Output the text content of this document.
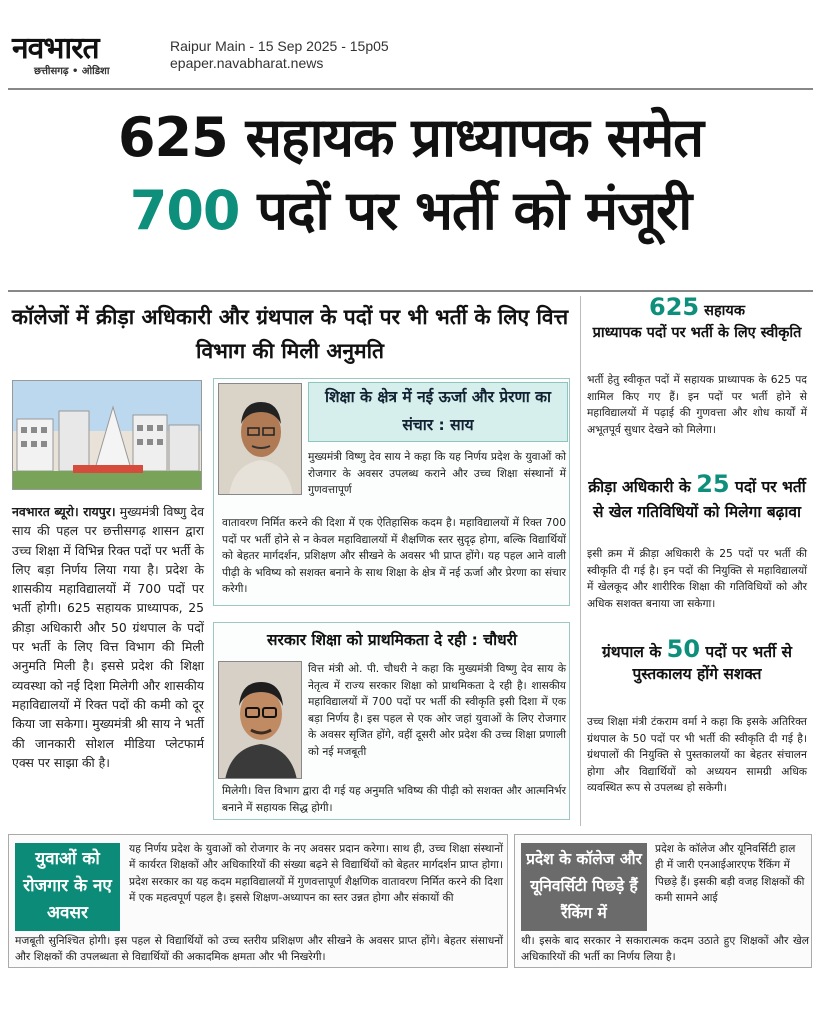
नवभारत
छत्तीसगढ़ • ओडिशा
Raipur Main - 15 Sep 2025 - 15p05
epaper.navabharat.news
625 सहायक प्राध्यापक समेत
700 पदों पर भर्ती को मंजूरी
कॉलेजों में क्रीड़ा अधिकारी और ग्रंथपाल के पदों पर भी भर्ती के लिए वित्त विभाग की मिली अनुमति
नवभारत ब्यूरो। रायपुर। मुख्यमंत्री विष्णु देव साय की पहल पर छत्तीसगढ़ शासन द्वारा उच्च शिक्षा में विभिन्न रिक्त पदों पर भर्ती के लिए बड़ा निर्णय लिया गया है। प्रदेश के शासकीय महाविद्यालयों में 700 पदों पर भर्ती होगी। 625 सहायक प्राध्यापक, 25 क्रीड़ा अधिकारी और 50 ग्रंथपाल के पदों पर भर्ती के लिए वित्त विभाग की मिली अनुमति मिली है। इससे प्रदेश की शिक्षा व्यवस्था को नई दिशा मिलेगी और शासकीय महाविद्यालयों में रिक्त पदों की कमी को दूर किया जा सकेगा। मुख्यमंत्री श्री साय ने भर्ती की जानकारी सोशल मीडिया प्लेटफार्म एक्स पर साझा की है।
शिक्षा के क्षेत्र में नई ऊर्जा और प्रेरणा का संचार : साय
मुख्यमंत्री विष्णु देव साय ने कहा कि यह निर्णय प्रदेश के युवाओं को रोजगार के अवसर उपलब्ध कराने और उच्च शिक्षा संस्थानों में गुणवत्तापूर्ण
वातावरण निर्मित करने की दिशा में एक ऐतिहासिक कदम है। महाविद्यालयों में रिक्त 700 पदों पर भर्ती होने से न केवल महाविद्यालयों में शैक्षणिक स्तर सुदृढ़ होगा, बल्कि विद्यार्थियों को बेहतर मार्गदर्शन, प्रशिक्षण और सीखने के अवसर भी प्राप्त होंगे। यह पहल आने वाली पीढ़ी के भविष्य को सशक्त बनाने के साथ शिक्षा के क्षेत्र में नई ऊर्जा और प्रेरणा का संचार करेगी।
सरकार शिक्षा को प्राथमिकता दे रही : चौधरी
वित्त मंत्री ओ. पी. चौधरी ने कहा कि मुख्यमंत्री विष्णु देव साय के नेतृत्व में राज्य सरकार शिक्षा को प्राथमिकता दे रही है। शासकीय महाविद्यालयों में 700 पदों पर भर्ती की स्वीकृति इसी दिशा में एक बड़ा निर्णय है। इस पहल से एक ओर जहां युवाओं के लिए रोजगार के अवसर सृजित होंगे, वहीं दूसरी ओर प्रदेश की उच्च शिक्षा प्रणाली को नई मजबूती
मिलेगी। वित्त विभाग द्वारा दी गई यह अनुमति भविष्य की पीढ़ी को सशक्त और आत्मनिर्भर बनाने में सहायक सिद्ध होगी।
625 सहायक
प्राध्यापक पदों पर भर्ती के लिए स्वीकृति
भर्ती हेतु स्वीकृत पदों में सहायक प्राध्यापक के 625 पद शामिल किए गए हैं। इन पदों पर भर्ती होने से महाविद्यालयों में पढ़ाई की गुणवत्ता और शोध कार्यों में अभूतपूर्व सुधार देखने को मिलेगा।
क्रीड़ा अधिकारी के 25 पदों पर भर्ती से खेल गतिविधियों को मिलेगा बढ़ावा
इसी क्रम में क्रीड़ा अधिकारी के 25 पदों पर भर्ती की स्वीकृति दी गई है। इन पदों की नियुक्ति से महाविद्यालयों में खेलकूद और शारीरिक शिक्षा की गतिविधियों को और अधिक सशक्त बनाया जा सकेगा।
ग्रंथपाल के 50 पदों पर भर्ती से पुस्तकालय होंगे सशक्त
उच्च शिक्षा मंत्री टंकराम वर्मा ने कहा कि इसके अतिरिक्त ग्रंथपाल के 50 पदों पर भी भर्ती की स्वीकृति दी गई है। ग्रंथपालों की नियुक्ति से पुस्तकालयों का बेहतर संचालन होगा और विद्यार्थियों को अध्ययन सामग्री अधिक व्यवस्थित रूप से उपलब्ध हो सकेगी।
युवाओं को रोजगार के नए अवसर
यह निर्णय प्रदेश के युवाओं को रोजगार के नए अवसर प्रदान करेगा। साथ ही, उच्च शिक्षा संस्थानों में कार्यरत शिक्षकों और अधिकारियों की संख्या बढ़ने से विद्यार्थियों को बेहतर मार्गदर्शन प्राप्त होगा। प्रदेश सरकार का यह कदम महाविद्यालयों में गुणवत्तापूर्ण शैक्षणिक वातावरण निर्मित करने की दिशा में एक महत्वपूर्ण पहल है। इससे शिक्षण-अध्यापन का स्तर उन्नत होगा और संकायों की
मजबूती सुनिश्चित होगी। इस पहल से विद्यार्थियों को उच्च स्तरीय प्रशिक्षण और सीखने के अवसर प्राप्त होंगे। बेहतर संसाधनों और शिक्षकों की उपलब्धता से विद्यार्थियों की अकादमिक क्षमता और भी निखरेगी।
प्रदेश के कॉलेज और यूनिवर्सिटी पिछड़े हैं रैंकिंग में
प्रदेश के कॉलेज और यूनिवर्सिटी हाल ही में जारी एनआईआरएफ रैंकिंग में पिछड़े हैं। इसकी बड़ी वजह शिक्षकों की कमी सामने आई
थी। इसके बाद सरकार ने सकारात्मक कदम उठाते हुए शिक्षकों और खेल अधिकारियों की भर्ती का निर्णय लिया है।
